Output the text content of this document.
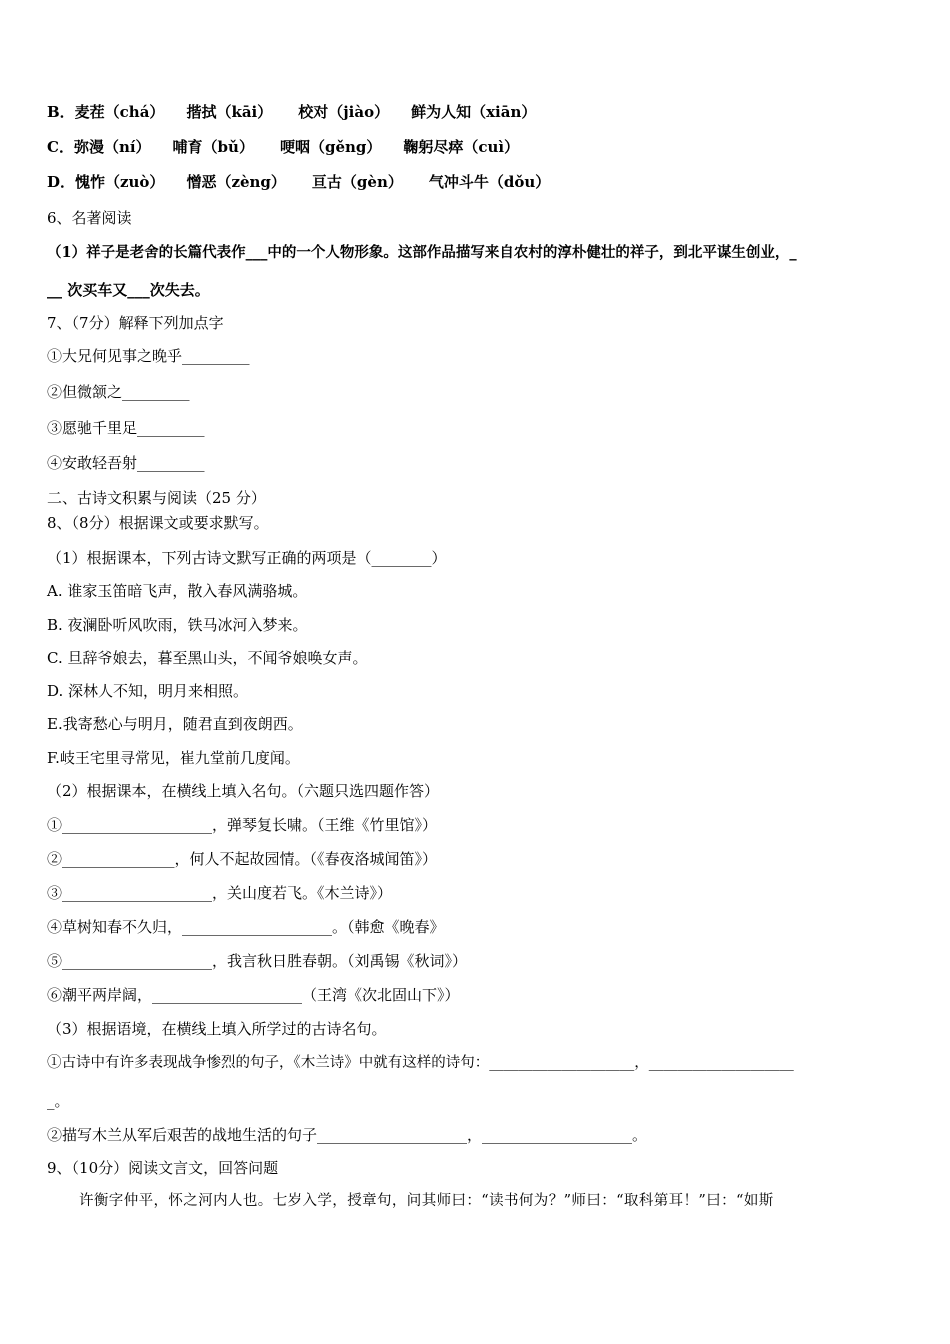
B．麦茬（chá） 揩拭（kāi） 校对（jiào） 鲜为人知（xiān）
C．弥漫（ní） 哺育（bǔ） 哽咽（gěng） 鞠躬尽瘁（cuì）
D．愧怍（zuò） 憎恶（zèng） 亘古（gèn） 气冲斗牛（dǒu）
6、名著阅读
（1）祥子是老舍的长篇代表作___中的一个人物形象。这部作品描写来自农村的淳朴健壮的祥子，到北平谋生创业，_
__ 次买车又___次失去。
7、（7分）解释下列加点字
①大兄何见事之晚乎_________
②但微颔之_________
③愿驰千里足_________
④安敢轻吾射_________
二、古诗文积累与阅读（25 分）
8、（8分）根据课文或要求默写。
（1）根据课本，下列古诗文默写正确的两项是（________）
A. 谁家玉笛暗飞声，散入春风满骆城。
B. 夜澜卧听风吹雨，铁马冰河入梦来。
C. 旦辞爷娘去，暮至黑山头，不闻爷娘唤女声。
D. 深林人不知，明月来相照。
E.我寄愁心与明月，随君直到夜朗西。
F.岐王宅里寻常见，崔九堂前几度闻。
（2）根据课本，在横线上填入名句。（六题只选四题作答）
①____________________，弹琴复长啸。（王维《竹里馆》）
②_______________，何人不起故园情。（《春夜洛城闻笛》）
③____________________，关山度若飞。《木兰诗》）
④草树知春不久归，____________________。（韩愈《晚春》
⑤____________________，我言秋日胜春朝。（刘禹锡《秋词》）
⑥潮平两岸阔，____________________（王湾《次北固山下》）
（3）根据语境，在横线上填入所学过的古诗名句。
①古诗中有许多表现战争惨烈的句子，《木兰诗》中就有这样的诗句：____________________，____________________
_。
②描写木兰从军后艰苦的战地生活的句子____________________，____________________。
9、（10分）阅读文言文，回答问题
许衡字仲平，怀之河内人也。七岁入学，授章句，问其师曰：“读书何为？”师曰：“取科第耳！”曰：“如斯
